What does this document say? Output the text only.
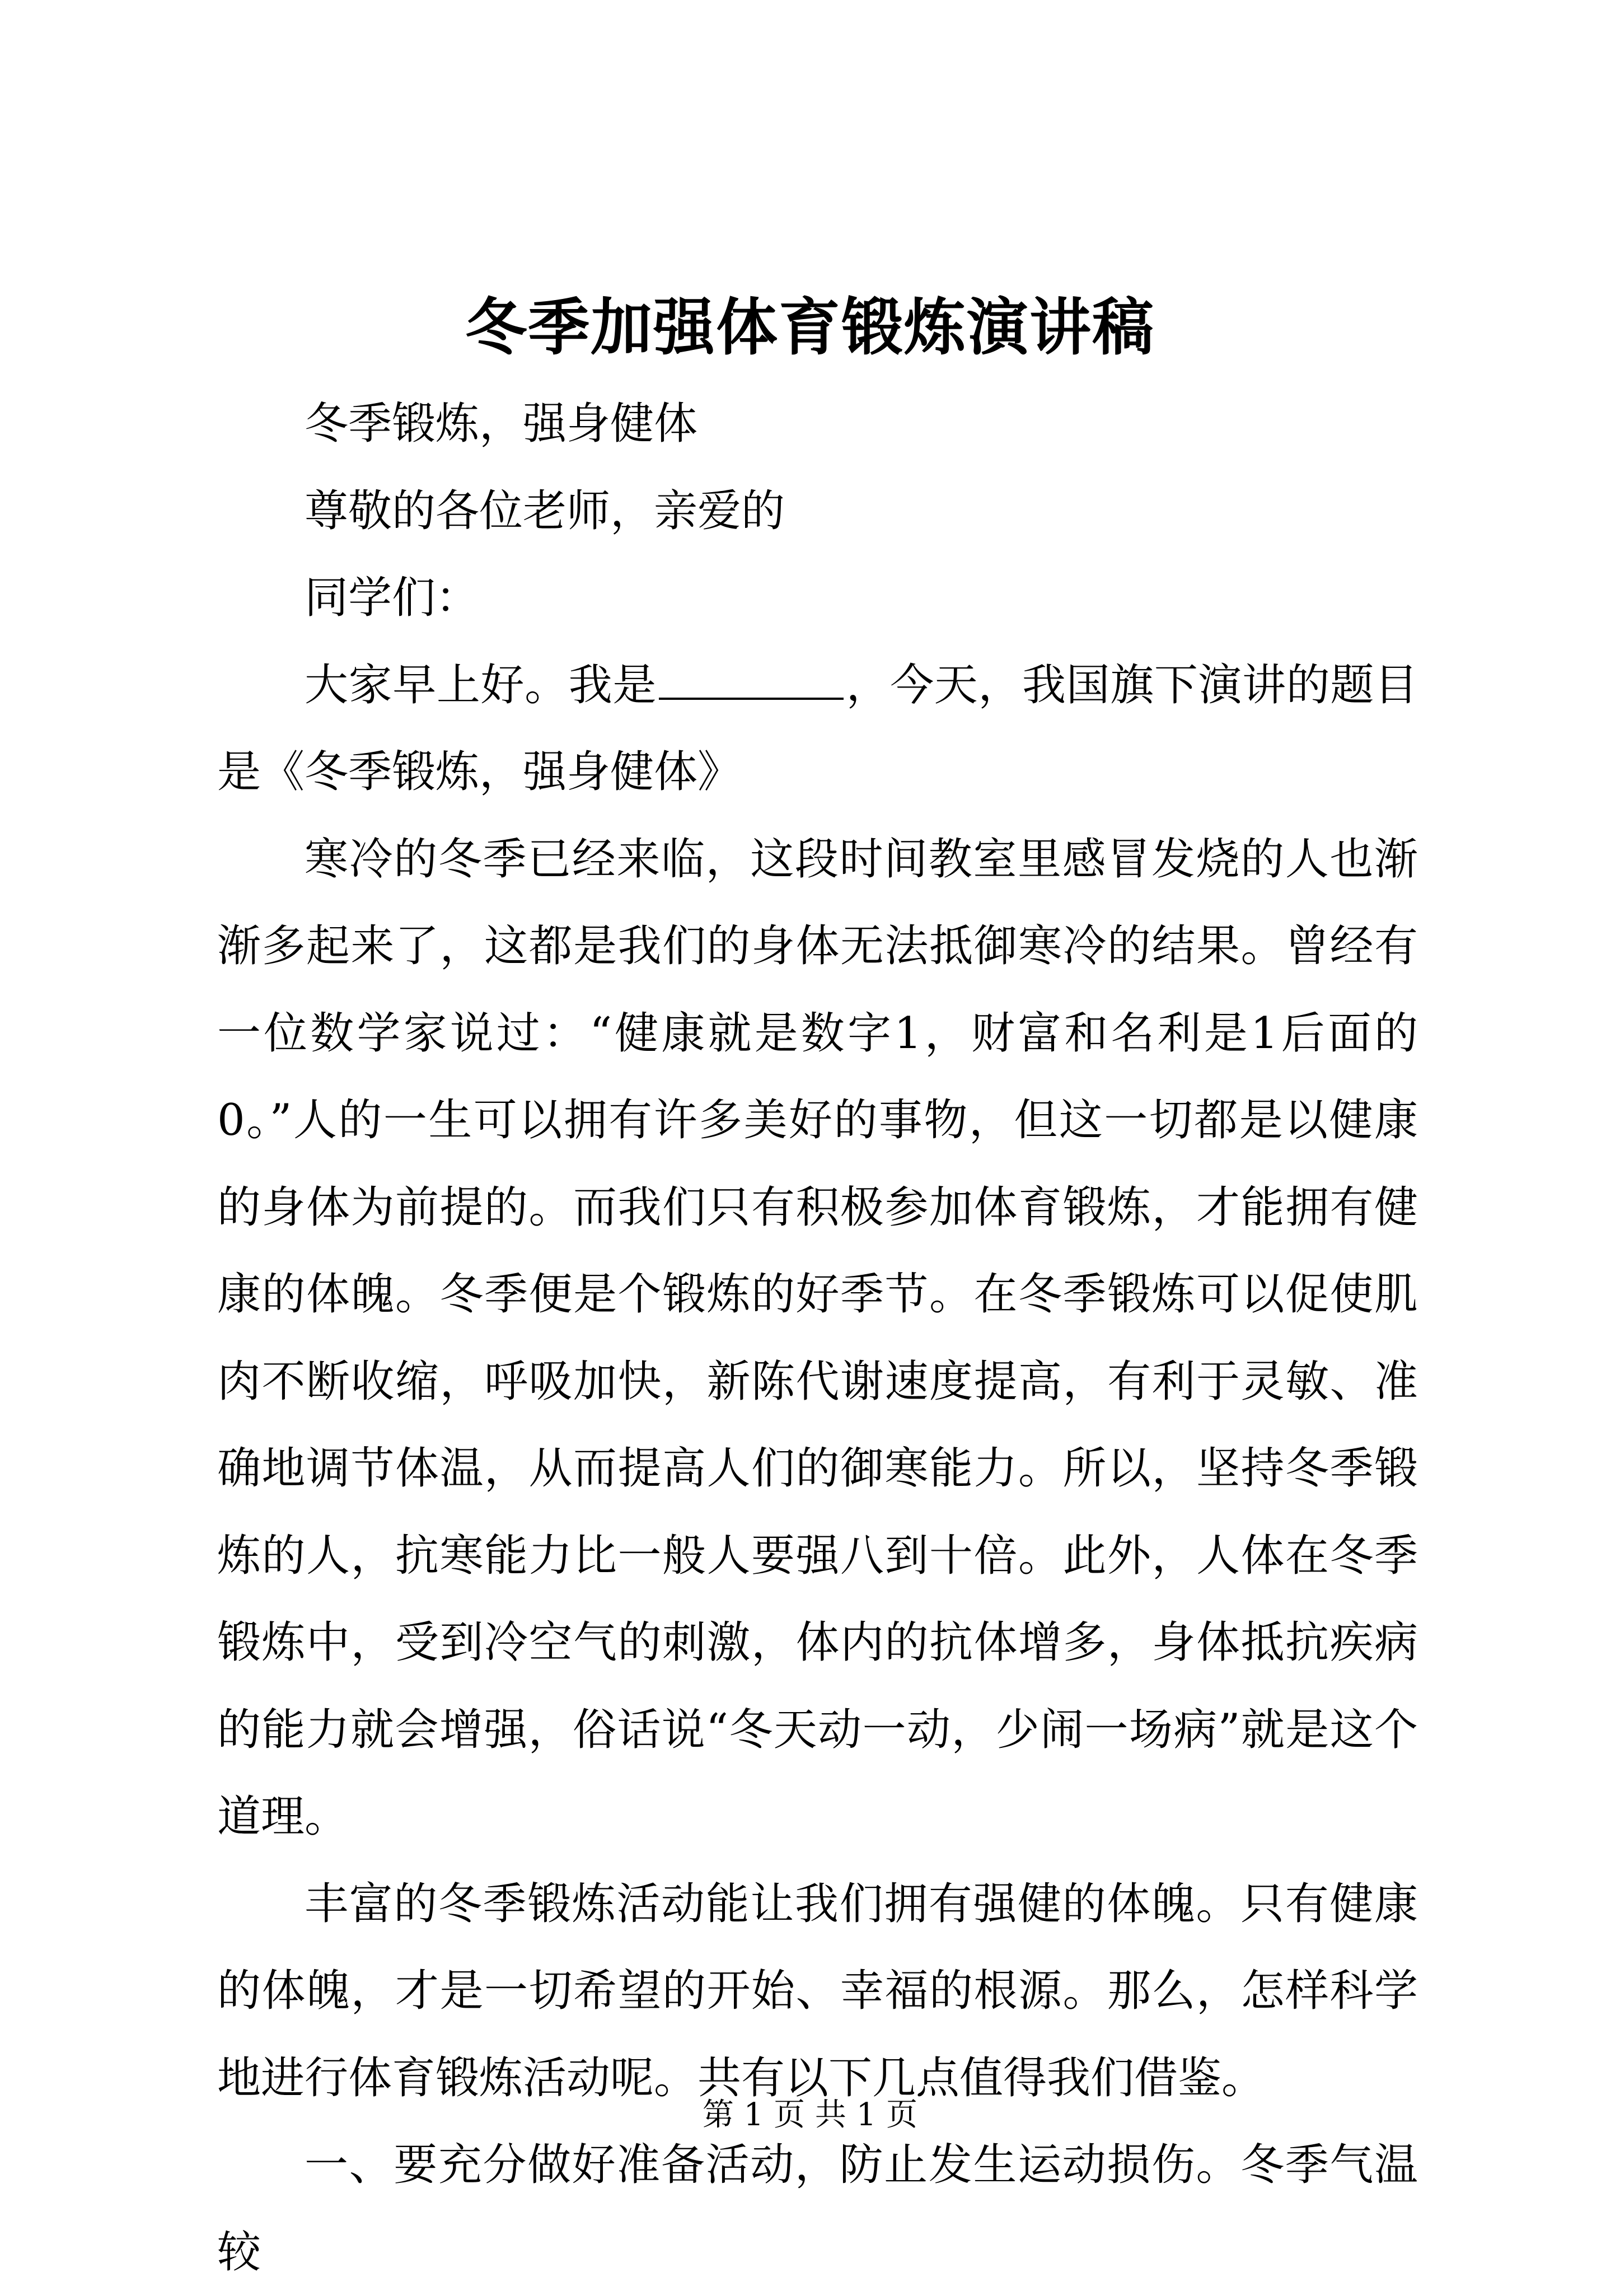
冬季加强体育锻炼演讲稿

冬季锻炼，强身健体

尊敬的各位老师，亲爱的

同学们：

大家早上好。我是	，今天，我国旗下演讲的题目是《冬季锻炼，强身健体》

寒冷的冬季已经来临，这段时间教室里感冒发烧的人也渐渐多起来了，这都是我们的身体无法抵御寒冷的结果。曾经有一位数学家说过：“健康就是数字1，财富和名利是1后面的0。”人的一生可以拥有许多美好的事物，但这一切都是以健康的身体为前提的。而我们只有积极参加体育锻炼，才能拥有健康的体魄。冬季便是个锻炼的好季节。在冬季锻炼可以促使肌肉不断收缩，呼吸加快，新陈代谢速度提高，有利于灵敏、准确地调节体温，从而提高人们的御寒能力。所以，坚持冬季锻炼的人，抗寒能力比一般人要强八到十倍。此外，人体在冬季锻炼中，受到冷空气的刺激，体内的抗体增多，身体抵抗疾病的能力就会增强，俗话说“冬天动一动，少闹一场病”就是这个道理。

丰富的冬季锻炼活动能让我们拥有强健的体魄。只有健康的体魄，才是一切希望的开始、幸福的根源。那么，怎样科学地进行体育锻炼活动呢。共有以下几点值得我们借鉴。

一、要充分做好准备活动，防止发生运动损伤。冬季气温较

第 1 页 共 1 页
